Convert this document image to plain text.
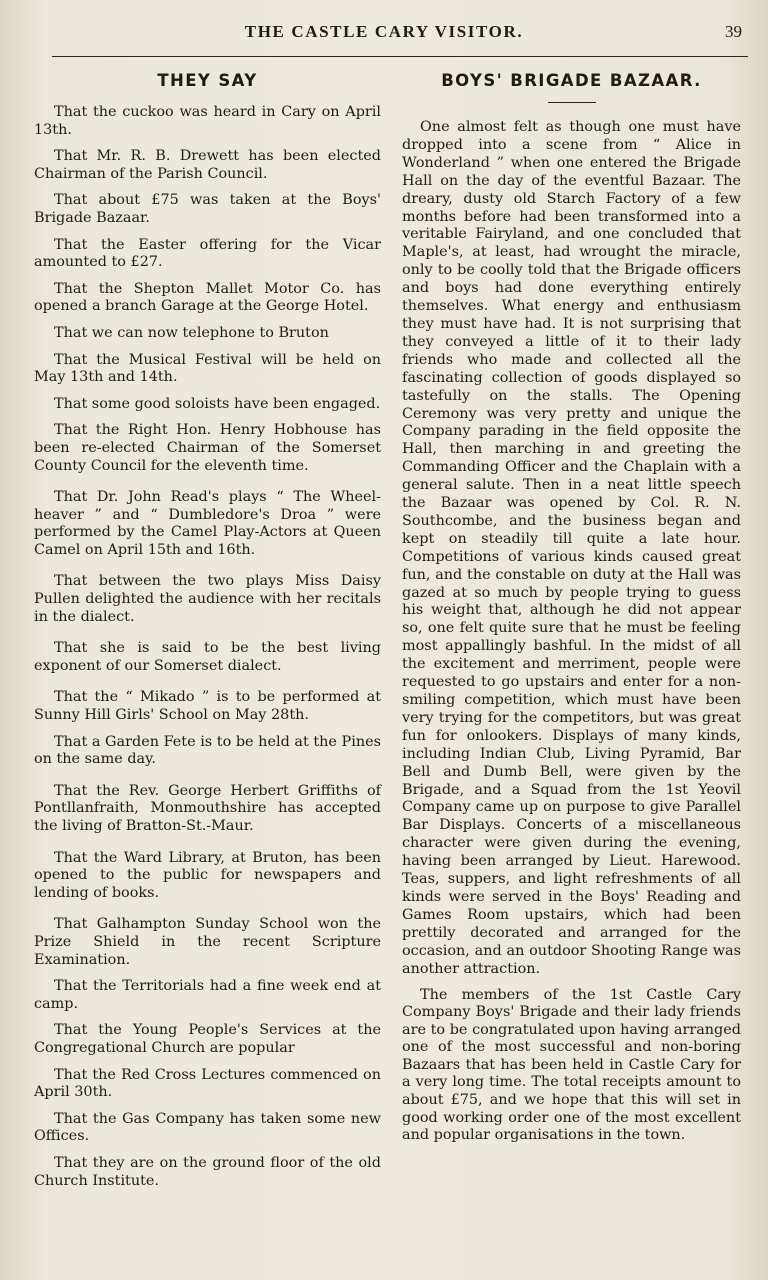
THE CASTLE CARY VISITOR.	39
THEY SAY

That the cuckoo was heard in Cary on April 13th.

That Mr. R. B. Drewett has been elected Chairman of the Parish Council.

That about £75 was taken at the Boys' Brigade Bazaar.

That the Easter offering for the Vicar amounted to £27.

That the Shepton Mallet Motor Co. has opened a branch Garage at the George Hotel.

That we can now telephone to Bruton

That the Musical Festival will be held on May 13th and 14th.

That some good soloists have been engaged.

That the Right Hon. Henry Hobhouse has been re-elected Chairman of the Somerset County Council for the eleventh time.

That Dr. John Read's plays “ The Wheel-heaver ” and “ Dumbledore's Droa ” were performed by the Camel Play-Actors at Queen Camel on April 15th and 16th.

That between the two plays Miss Daisy Pullen delighted the audience with her recitals in the dialect.

That she is said to be the best living exponent of our Somerset dialect.

That the “ Mikado ” is to be performed at Sunny Hill Girls' School on May 28th.

That a Garden Fete is to be held at the Pines on the same day.

That the Rev. George Herbert Griffiths of Pontllanfraith, Monmouthshire has accepted the living of Bratton-St.-Maur.

That the Ward Library, at Bruton, has been opened to the public for newspapers and lending of books.

That Galhampton Sunday School won the Prize Shield in the recent Scripture Examination.

That the Territorials had a fine week end at camp.

That the Young People's Services at the Congregational Church are popular

That the Red Cross Lectures commenced on April 30th.

That the Gas Company has taken some new Offices.

That they are on the ground floor of the old Church Institute.

BOYS' BRIGADE BAZAAR.

One almost felt as though one must have dropped into a scene from “ Alice in Wonderland ” when one entered the Brigade Hall on the day of the eventful Bazaar. The dreary, dusty old Starch Factory of a few months before had been transformed into a veritable Fairyland, and one concluded that Maple's, at least, had wrought the miracle, only to be coolly told that the Brigade officers and boys had done everything entirely themselves. What energy and enthusiasm they must have had. It is not surprising that they conveyed a little of it to their lady friends who made and collected all the fascinating collection of goods displayed so tastefully on the stalls. The Opening Ceremony was very pretty and unique the Company parading in the field opposite the Hall, then marching in and greeting the Commanding Officer and the Chaplain with a general salute. Then in a neat little speech the Bazaar was opened by Col. R. N. Southcombe, and the business began and kept on steadily till quite a late hour. Competitions of various kinds caused great fun, and the constable on duty at the Hall was gazed at so much by people trying to guess his weight that, although he did not appear so, one felt quite sure that he must be feeling most appallingly bashful. In the midst of all the excitement and merriment, people were requested to go upstairs and enter for a non-smiling competition, which must have been very trying for the competitors, but was great fun for onlookers. Displays of many kinds, including Indian Club, Living Pyramid, Bar Bell and Dumb Bell, were given by the Brigade, and a Squad from the 1st Yeovil Company came up on purpose to give Parallel Bar Displays. Concerts of a miscellaneous character were given during the evening, having been arranged by Lieut. Harewood. Teas, suppers, and light refreshments of all kinds were served in the Boys' Reading and Games Room upstairs, which had been prettily decorated and arranged for the occasion, and an outdoor Shooting Range was another attraction.

The members of the 1st Castle Cary Company Boys' Brigade and their lady friends are to be congratulated upon having arranged one of the most successful and non-boring Bazaars that has been held in Castle Cary for a very long time. The total receipts amount to about £75, and we hope that this will set in good working order one of the most excellent and popular organisations in the town.
